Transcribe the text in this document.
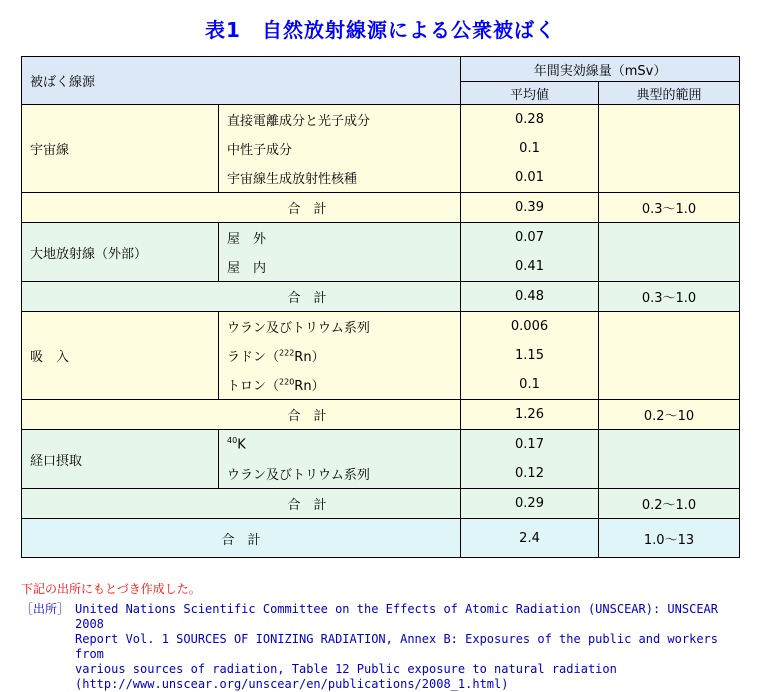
表1　自然放射線源による公衆被ばく
被ばく線源		年間実効線量（mSv）	
		平均値	典型的範囲
宇宙線	直接電離成分と光子成分	0.28	
	中性子成分	0.1	
	宇宙線生成放射性核種	0.01	
合　計		0.39	0.3～1.0
大地放射線（外部）	屋　外	0.07	
	屋　内	0.41	
合　計		0.48	0.3～1.0
吸　入	ウラン及びトリウム系列	0.006	
	ラドン（$^{222}$Rn）	1.15	
	トロン（$^{220}$Rn）	0.1	
合　計		1.26	0.2～10
経口摂取	$^{40}$K	0.17	
	ウラン及びトリウム系列	0.12	
合　計		0.29	0.2～1.0
合　計		2.4	1.0～13
下記の出所にもとづき作成した。
［出所］ United Nations Scientific Committee on the Effects of Atomic Radiation (UNSCEAR): UNSCEAR 2008
Report Vol. 1 SOURCES OF IONIZING RADIATION, Annex B: Exposures of the public and workers from
various sources of radiation, Table 12 Public exposure to natural radiation
(http://www.unscear.org/unscear/en/publications/2008_1.html)
